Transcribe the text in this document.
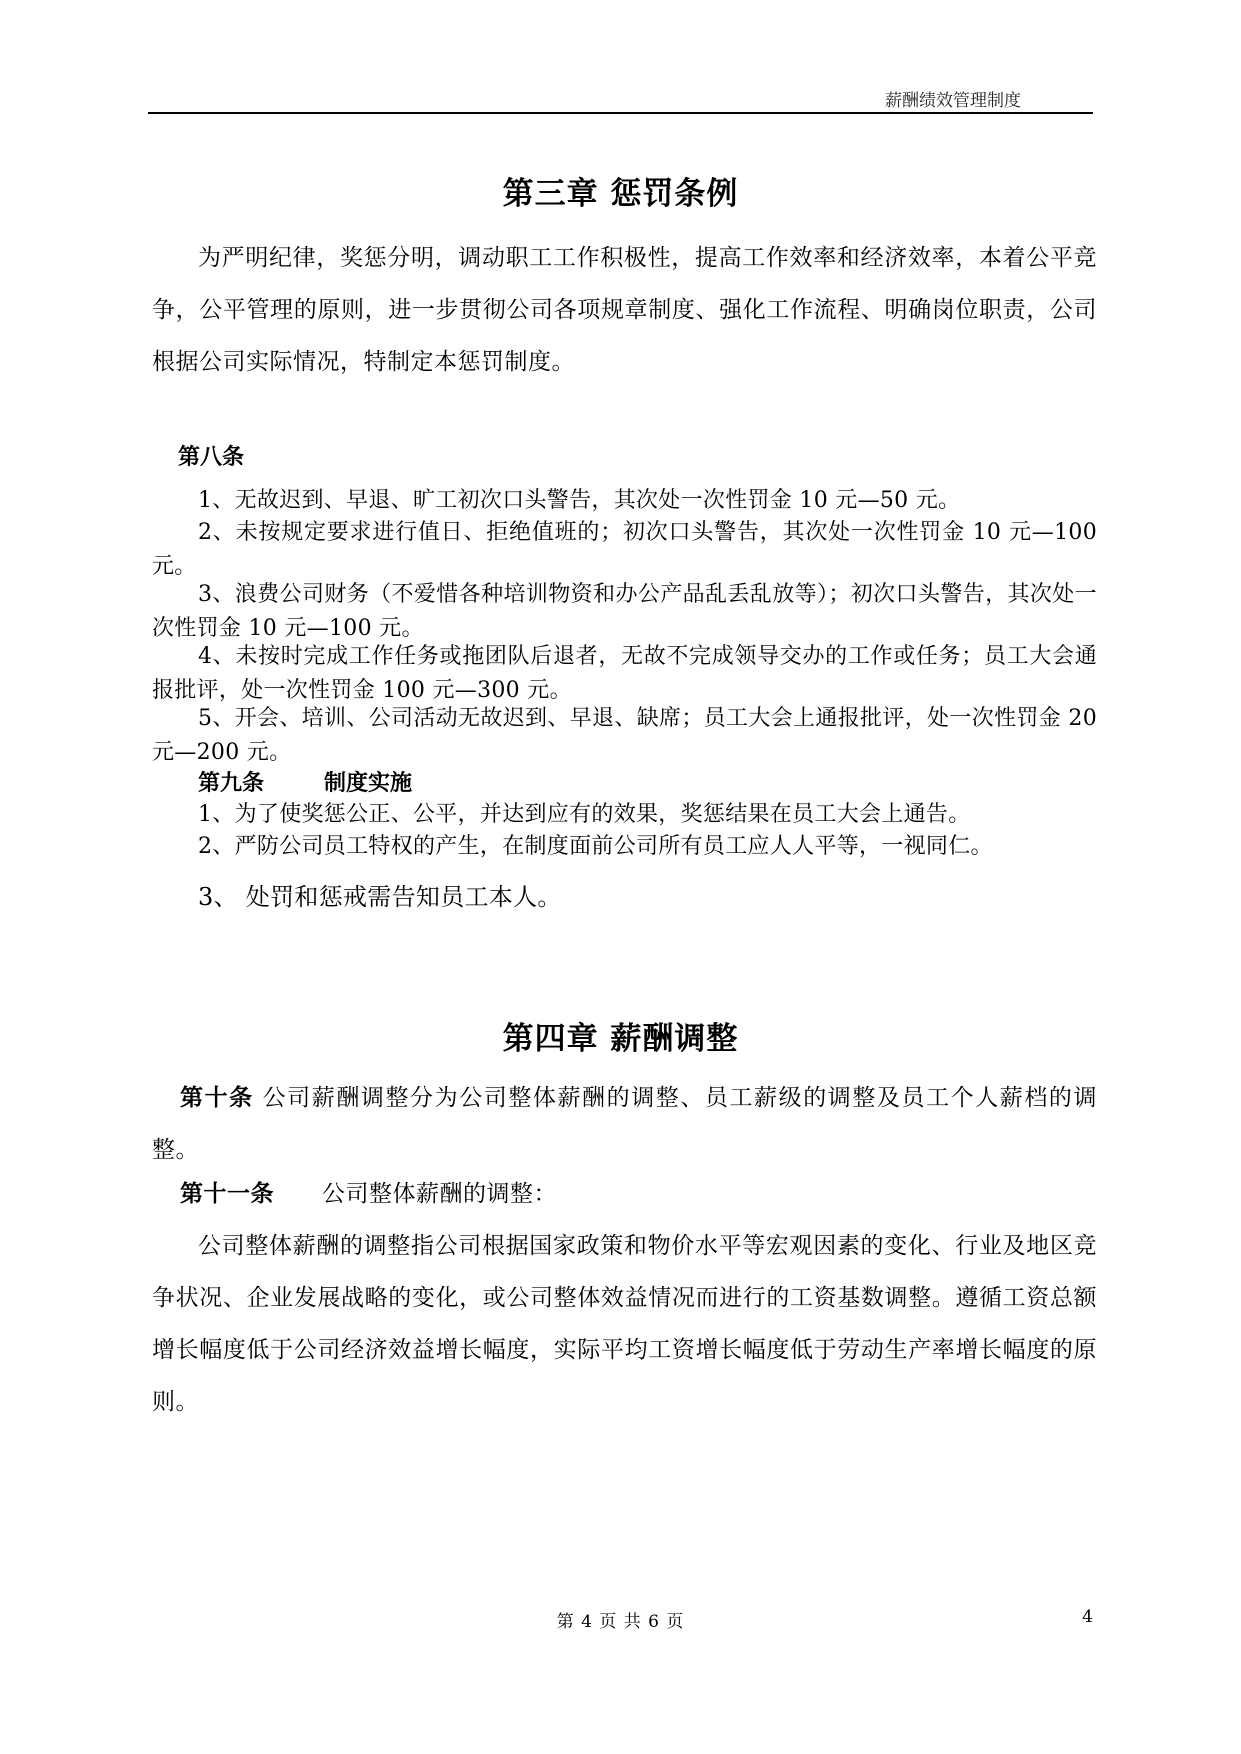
薪酬绩效管理制度
第三章 惩罚条例
为严明纪律，奖惩分明，调动职工工作积极性，提高工作效率和经济效率，本着公平竞争，公平管理的原则，进一步贯彻公司各项规章制度、强化工作流程、明确岗位职责，公司根据公司实际情况，特制定本惩罚制度。
第八条
1、无故迟到、早退、旷工初次口头警告，其次处一次性罚金 10 元—50 元。
2、未按规定要求进行值日、拒绝值班的；初次口头警告，其次处一次性罚金 10 元—100 元。
3、浪费公司财务（不爱惜各种培训物资和办公产品乱丢乱放等）；初次口头警告，其次处一次性罚金 10 元—100 元。
4、未按时完成工作任务或拖团队后退者，无故不完成领导交办的工作或任务；员工大会通报批评，处一次性罚金 100 元—300 元。
5、开会、培训、公司活动无故迟到、早退、缺席；员工大会上通报批评，处一次性罚金 20 元—200 元。
第九条	制度实施
1、为了使奖惩公正、公平，并达到应有的效果，奖惩结果在员工大会上通告。
2、严防公司员工特权的产生，在制度面前公司所有员工应人人平等，一视同仁。
3、 处罚和惩戒需告知员工本人。
第四章 薪酬调整
第十条 公司薪酬调整分为公司整体薪酬的调整、员工薪级的调整及员工个人薪档的调整。
第十一条 公司整体薪酬的调整：
公司整体薪酬的调整指公司根据国家政策和物价水平等宏观因素的变化、行业及地区竞争状况、企业发展战略的变化，或公司整体效益情况而进行的工资基数调整。遵循工资总额增长幅度低于公司经济效益增长幅度，实际平均工资增长幅度低于劳动生产率增长幅度的原则。
第 4 页 共 6 页	4
